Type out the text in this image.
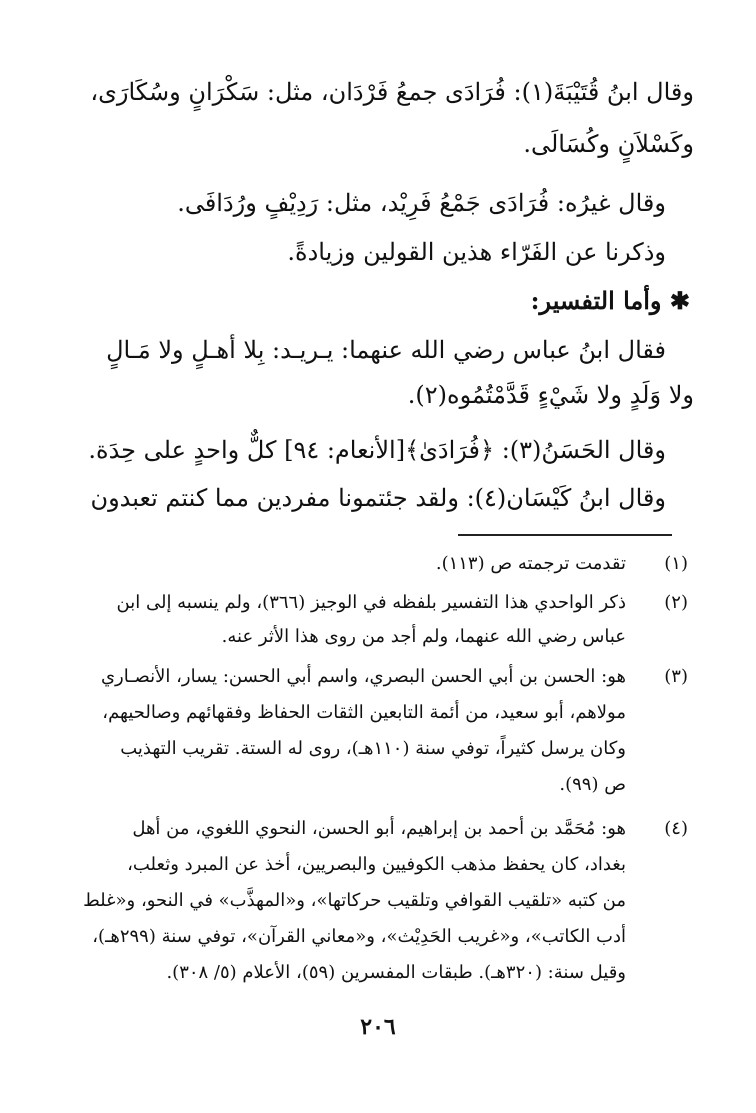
وقال ابنُ قُتَيْبَةَ(١): فُرَادَى جمعُ فَرْدَان، مثل: سَكْرَانٍ وسُكَارَى،
وكَسْلاَنٍ وكُسَالَى.
وقال غيرُه: فُرَادَى جَمْعُ فَرِيْد، مثل: رَدِيْفٍ ورُدَافَى.
وذكرنا عن الفَرّاء هذين القولين وزيادةً.
✱ وأما التفسير:
فقال ابنُ عباس رضي الله عنهما: يـريـد: بِلا أهـلٍ ولا مَـالٍ
ولا وَلَدٍ ولا شَيْءٍ قَدَّمْتُمُوه(٢).
وقال الحَسَنُ(٣): ﴿فُرَادَىٰ﴾[الأنعام: ٩٤] كلٌّ واحدٍ على حِدَة.
وقال ابنُ كَيْسَان(٤): ولقد جئتمونا مفردين مما كنتم تعبدون
(١)
تقدمت ترجمته ص (١١٣).
(٢)
ذكر الواحدي هذا التفسير بلفظه في الوجيز (٣٦٦)، ولم ينسبه إلى ابن
عباس رضي الله عنهما، ولم أجد من روى هذا الأثر عنه.
(٣)
هو: الحسن بن أبي الحسن البصري، واسم أبي الحسن: يسار، الأنصـاري
مولاهم، أبو سعيد، من أئمة التابعين الثقات الحفاظ وفقهائهم وصالحيهم،
وكان يرسل كثيراً، توفي سنة (١١٠هـ)، روى له الستة. تقريب التهذيب
ص (٩٩).
(٤)
هو: مُحَمَّد بن أحمد بن إبراهيم، أبو الحسن، النحوي اللغوي، من أهل
بغداد، كان يحفظ مذهب الكوفيين والبصريين، أخذ عن المبرد وثعلب،
من كتبه «تلقيب القوافي وتلقيب حركاتها»، و«المهذَّب» في النحو، و«غلط
أدب الكاتب»، و«غريب الحَدِيْث»، و«معاني القرآن»، توفي سنة (٢٩٩هـ)،
وقيل سنة: (٣٢٠هـ). طبقات المفسرين (٥٩)، الأعلام (٥/ ٣٠٨).
٢٠٦
